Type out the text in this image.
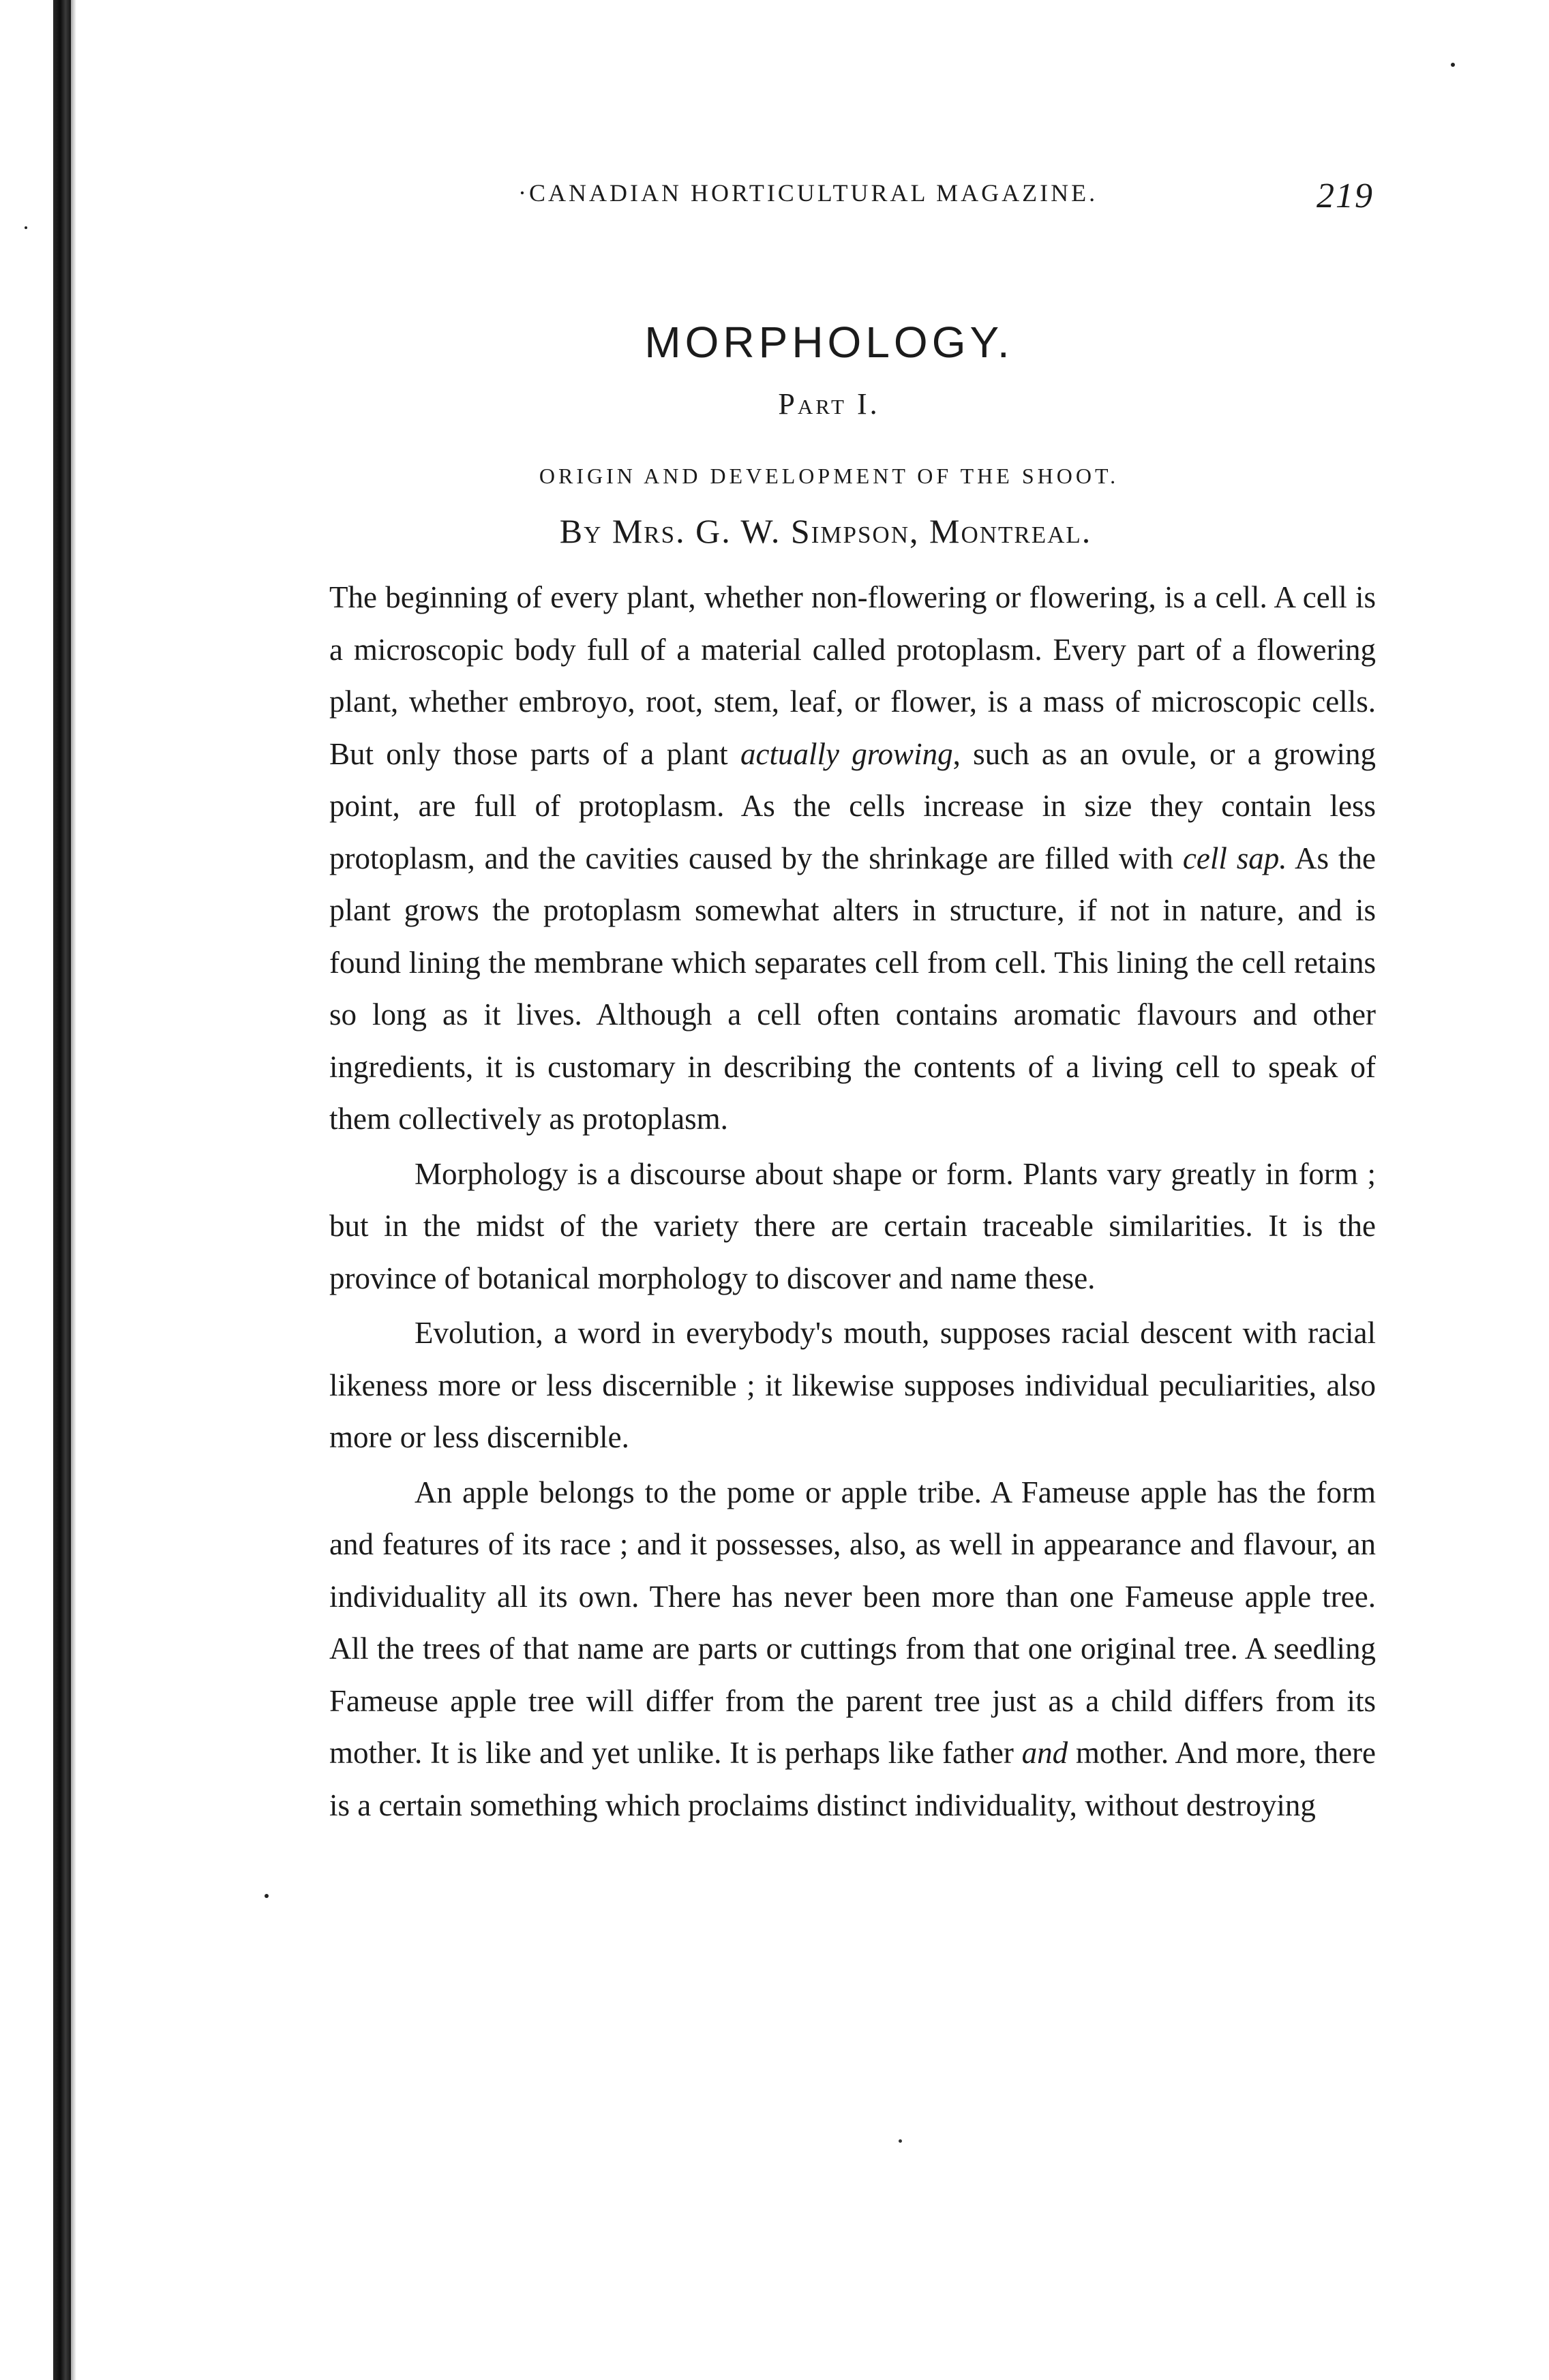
·CANADIAN HORTICULTURAL MAGAZINE.	219
MORPHOLOGY.
Part I.
ORIGIN AND DEVELOPMENT OF THE SHOOT.
By Mrs. G. W. Simpson, Montreal.

The beginning of every plant, whether non-flowering or flowering, is a cell. A cell is a microscopic body full of a material called protoplasm. Every part of a flowering plant, whether embroyo, root, stem, leaf, or flower, is a mass of microscopic cells. But only those parts of a plant actually growing, such as an ovule, or a growing point, are full of protoplasm. As the cells increase in size they contain less protoplasm, and the cavities caused by the shrinkage are filled with cell sap. As the plant grows the protoplasm somewhat alters in structure, if not in nature, and is found lining the membrane which separates cell from cell. This lining the cell retains so long as it lives. Although a cell often contains aromatic flavours and other ingredients, it is customary in describing the contents of a living cell to speak of them collectively as protoplasm.

Morphology is a discourse about shape or form. Plants vary greatly in form ; but in the midst of the variety there are certain traceable similarities. It is the province of botanical morphology to discover and name these.

Evolution, a word in everybody's mouth, supposes racial descent with racial likeness more or less discernible ; it likewise supposes individual peculiarities, also more or less discernible.

An apple belongs to the pome or apple tribe. A Fameuse apple has the form and features of its race ; and it possesses, also, as well in appearance and flavour, an individuality all its own. There has never been more than one Fameuse apple tree. All the trees of that name are parts or cuttings from that one original tree. A seedling Fameuse apple tree will differ from the parent tree just as a child differs from its mother. It is like and yet unlike. It is perhaps like father and mother. And more, there is a certain something which proclaims distinct individuality, without destroying
